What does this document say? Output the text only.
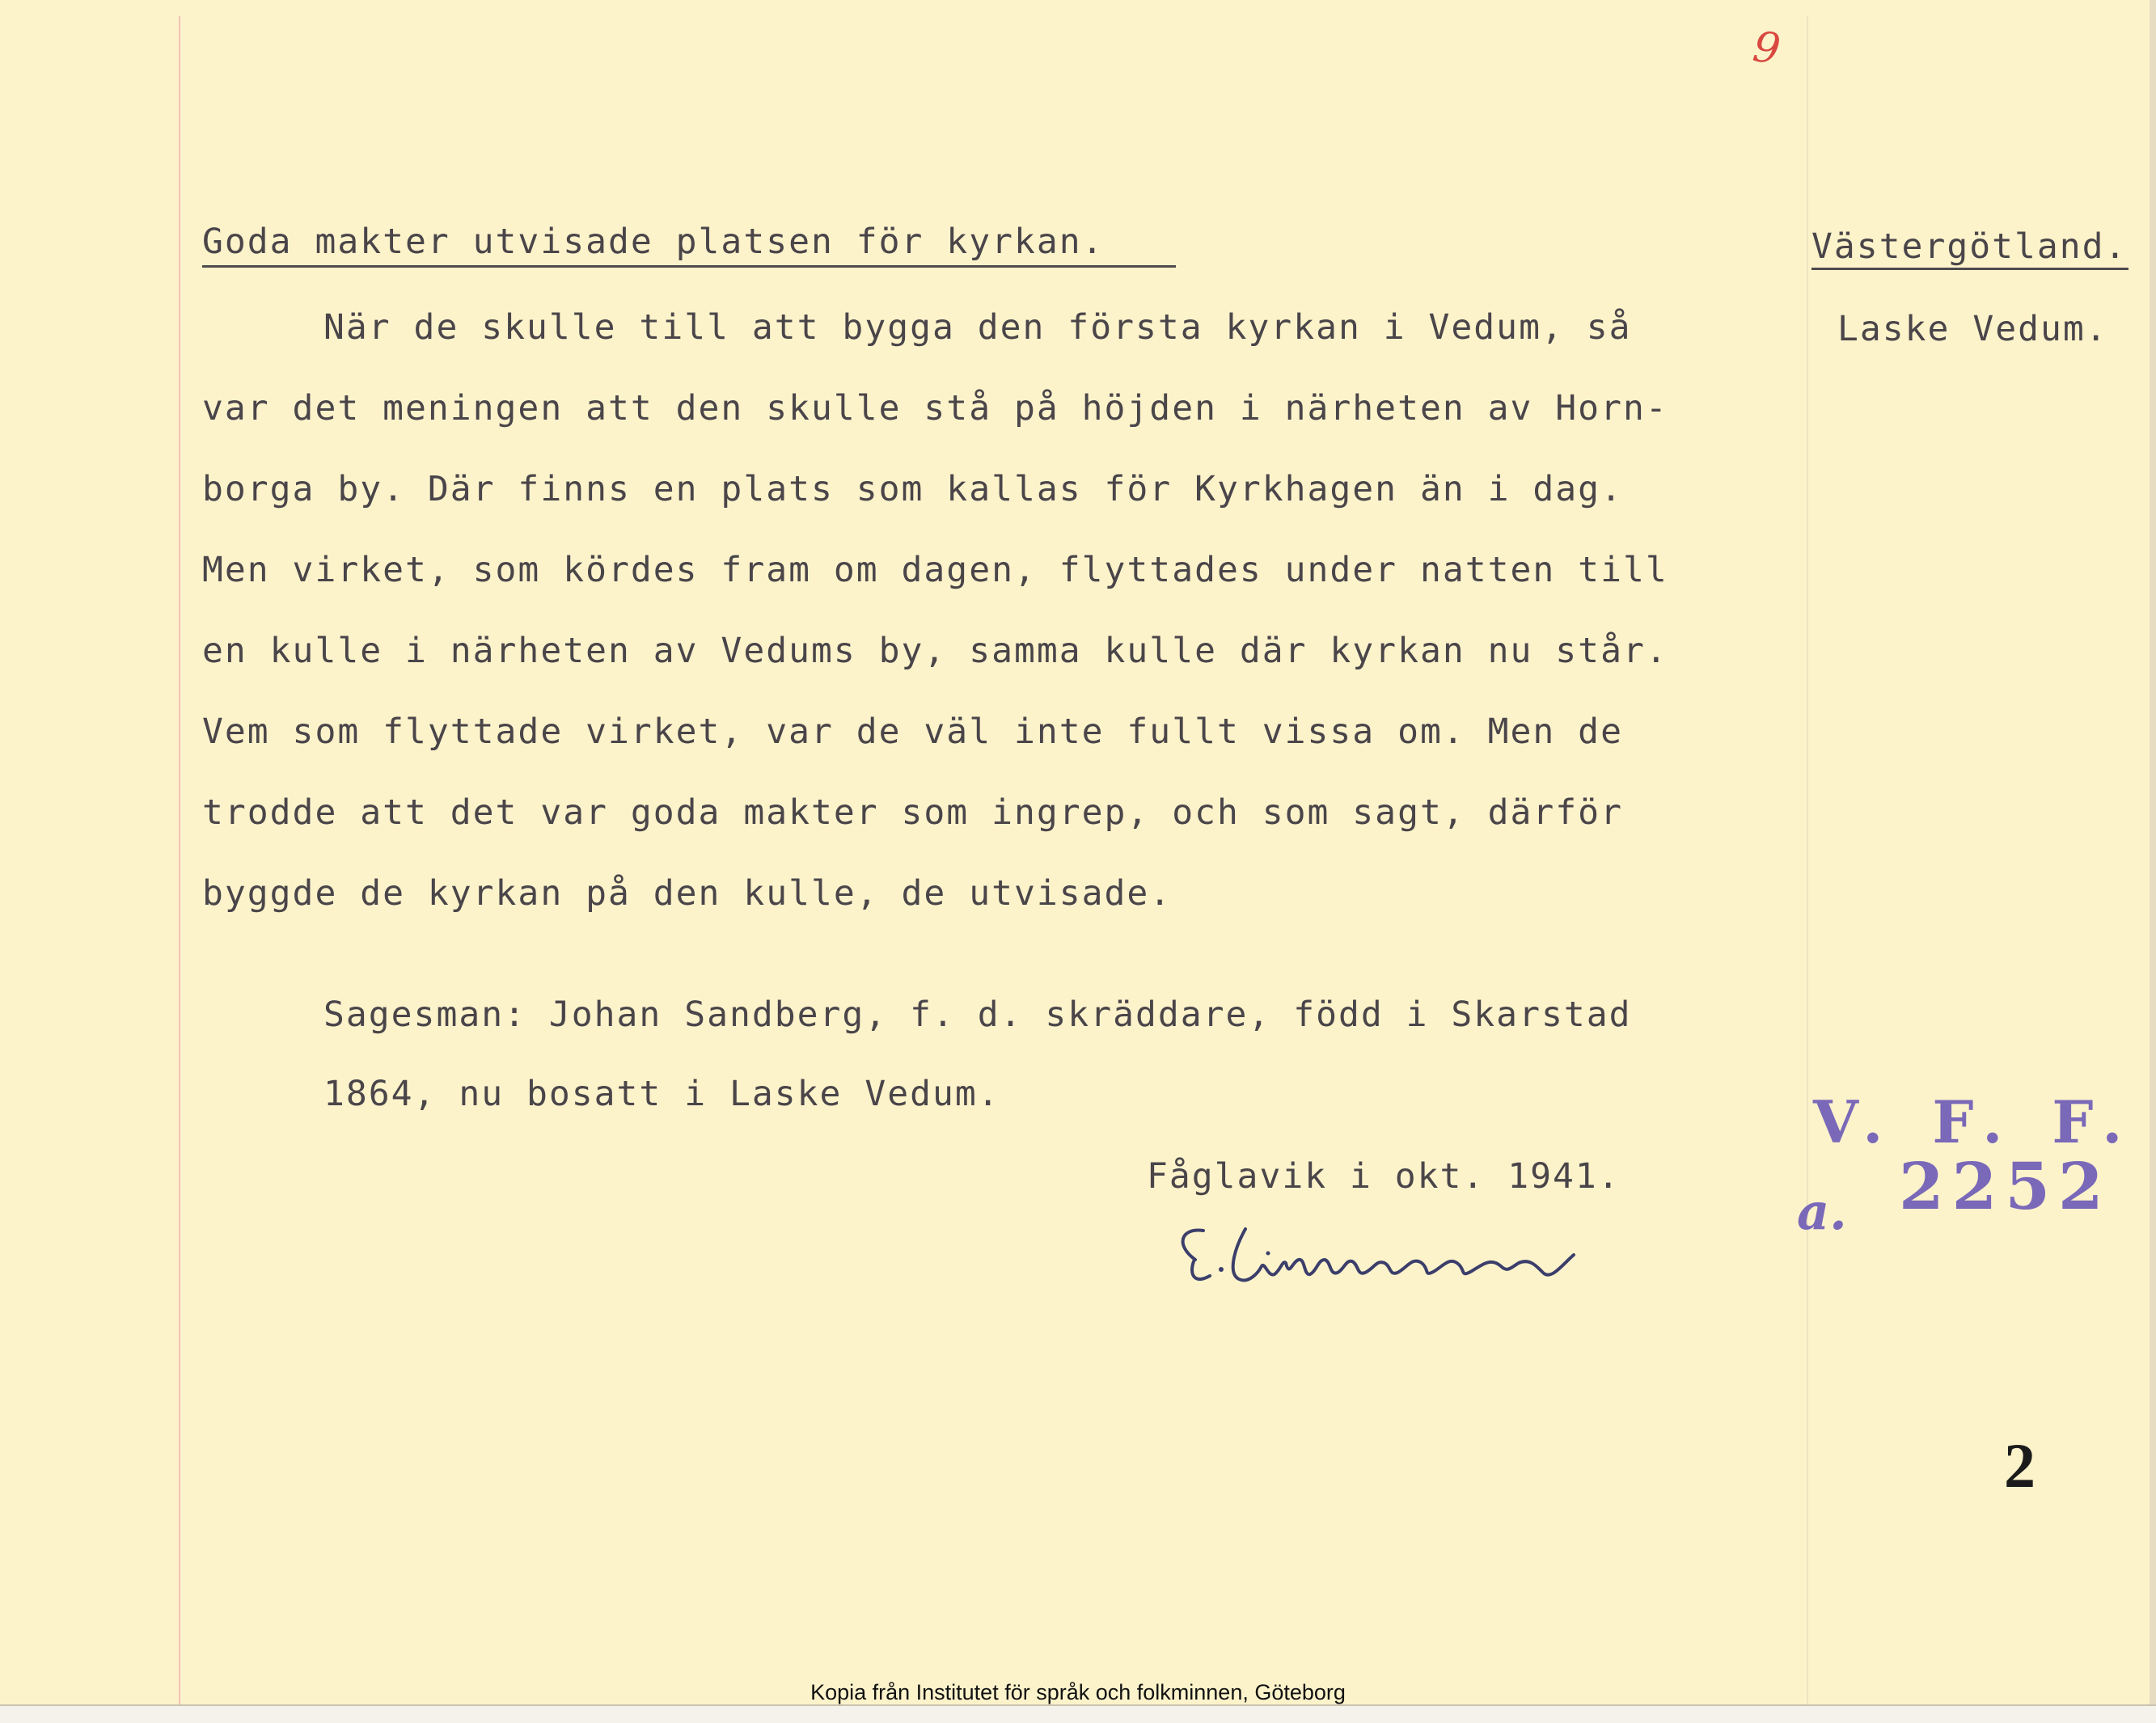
9
Goda makter utvisade platsen för kyrkan.	Västergötland.
Laske Vedum.
När de skulle till att bygga den första kyrkan i Vedum, så
var det meningen att den skulle stå på höjden i närheten av Horn-
borga by. Där finns en plats som kallas för Kyrkhagen än i dag.
Men virket, som kördes fram om dagen, flyttades under natten till
en kulle i närheten av Vedums by, samma kulle där kyrkan nu står.
Vem som flyttade virket, var de väl inte fullt vissa om. Men de
trodde att det var goda makter som ingrep, och som sagt, därför
byggde de kyrkan på den kulle, de utvisade.
Sagesman: Johan Sandberg, f. d. skräddare, född i Skarstad
1864, nu bosatt i Laske Vedum.
Fåglavik i okt. 1941.
V. F. F.
a. 2252
2
Kopia från Institutet för språk och folkminnen, Göteborg
